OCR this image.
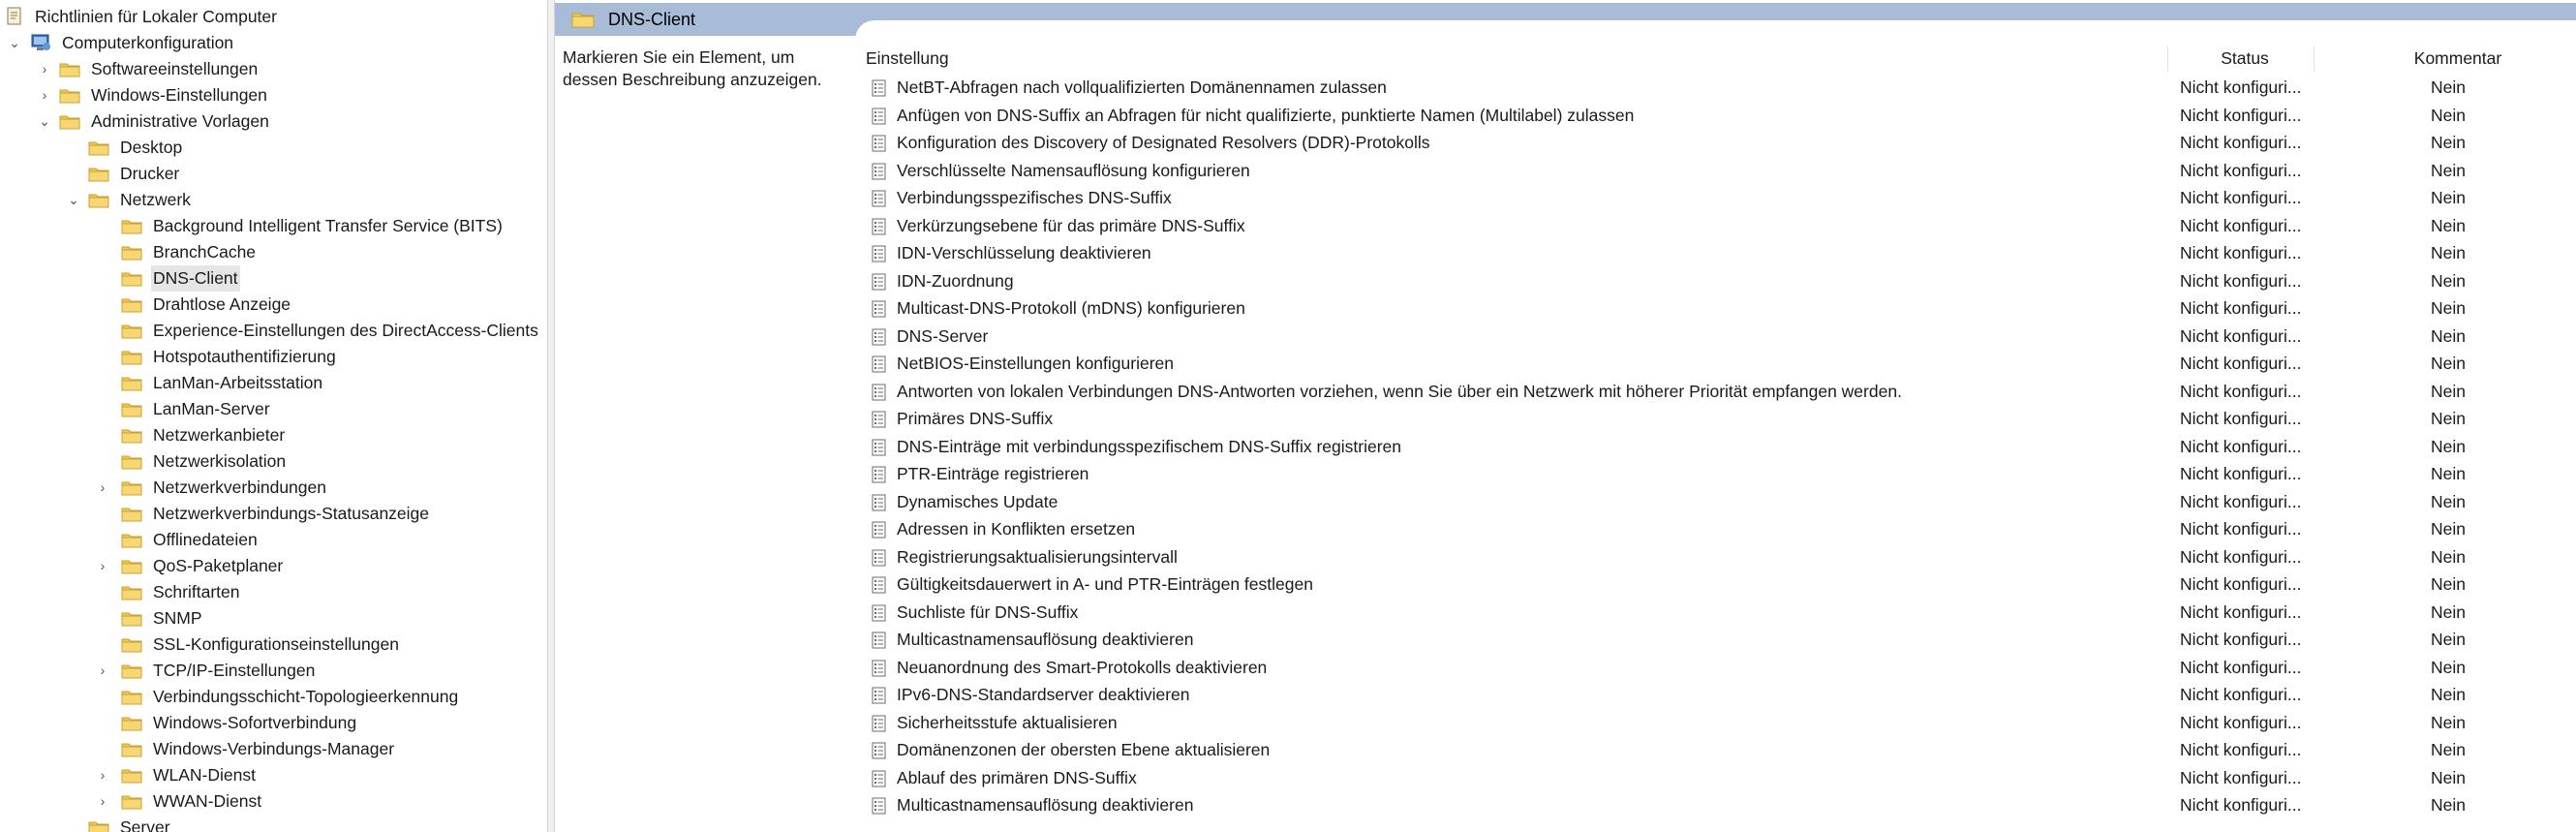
Richtlinien für Lokaler Computer
⌄ Computerkonfiguration
›	Softwareeinstellungen
›	Windows-Einstellungen
⌄ Administrative Vorlagen
Desktop
Drucker
⌄ Netzwerk
Background Intelligent Transfer Service (BITS)
BranchCache
DNS-Client
Drahtlose Anzeige
Experience-Einstellungen des DirectAccess-Clients
Hotspotauthentifizierung
LanMan-Arbeitsstation
LanMan-Server
Netzwerkanbieter
Netzwerkisolation
›	Netzwerkverbindungen
Netzwerkverbindungs-Statusanzeige
Offlinedateien
›	QoS-Paketplaner
Schriftarten
SNMP
SSL-Konfigurationseinstellungen
›	TCP/IP-Einstellungen
Verbindungsschicht-Topologieerkennung
Windows-Sofortverbindung
Windows-Verbindungs-Manager
›	WLAN-Dienst
›	WWAN-Dienst
Server
DNS-Client
Markieren Sie ein Element, um dessen Beschreibung anzuzeigen.
Einstellung	Status	Kommentar
NetBT-Abfragen nach vollqualifizierten Domänennamen zulassen	Nicht konfiguri...	Nein
Anfügen von DNS-Suffix an Abfragen für nicht qualifizierte, punktierte Namen (Multilabel) zulassen	Nicht konfiguri...	Nein
Konfiguration des Discovery of Designated Resolvers (DDR)-Protokolls	Nicht konfiguri...	Nein
Verschlüsselte Namensauflösung konfigurieren	Nicht konfiguri...	Nein
Verbindungsspezifisches DNS-Suffix	Nicht konfiguri...	Nein
Verkürzungsebene für das primäre DNS-Suffix	Nicht konfiguri...	Nein
IDN-Verschlüsselung deaktivieren	Nicht konfiguri...	Nein
IDN-Zuordnung	Nicht konfiguri...	Nein
Multicast-DNS-Protokoll (mDNS) konfigurieren	Nicht konfiguri...	Nein
DNS-Server	Nicht konfiguri...	Nein
NetBIOS-Einstellungen konfigurieren	Nicht konfiguri...	Nein
Antworten von lokalen Verbindungen DNS-Antworten vorziehen, wenn Sie über ein Netzwerk mit höherer Priorität empfangen werden.	Nicht konfiguri...	Nein
Primäres DNS-Suffix	Nicht konfiguri...	Nein
DNS-Einträge mit verbindungsspezifischem DNS-Suffix registrieren	Nicht konfiguri...	Nein
PTR-Einträge registrieren	Nicht konfiguri...	Nein
Dynamisches Update	Nicht konfiguri...	Nein
Adressen in Konflikten ersetzen	Nicht konfiguri...	Nein
Registrierungsaktualisierungsintervall	Nicht konfiguri...	Nein
Gültigkeitsdauerwert in A- und PTR-Einträgen festlegen	Nicht konfiguri...	Nein
Suchliste für DNS-Suffix	Nicht konfiguri...	Nein
Multicastnamensauflösung deaktivieren	Nicht konfiguri...	Nein
Neuanordnung des Smart-Protokolls deaktivieren	Nicht konfiguri...	Nein
IPv6-DNS-Standardserver deaktivieren	Nicht konfiguri...	Nein
Sicherheitsstufe aktualisieren	Nicht konfiguri...	Nein
Domänenzonen der obersten Ebene aktualisieren	Nicht konfiguri...	Nein
Ablauf des primären DNS-Suffix	Nicht konfiguri...	Nein
Multicastnamensauflösung deaktivieren	Nicht konfiguri...	Nein
